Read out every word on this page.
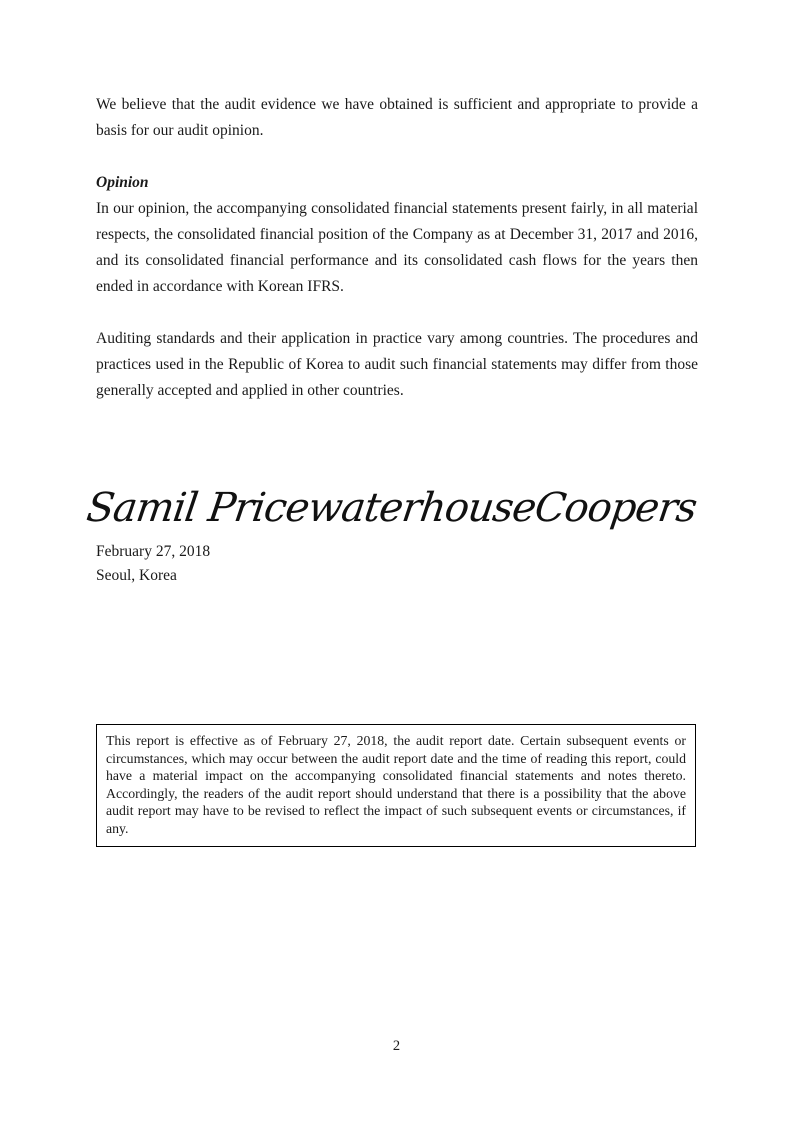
We believe that the audit evidence we have obtained is sufficient and appropriate to provide a basis for our audit opinion.

Opinion

In our opinion, the accompanying consolidated financial statements present fairly, in all material respects, the consolidated financial position of the Company as at December 31, 2017 and 2016, and its consolidated financial performance and its consolidated cash flows for the years then ended in accordance with Korean IFRS.

Auditing standards and their application in practice vary among countries. The procedures and practices used in the Republic of Korea to audit such financial statements may differ from those generally accepted and applied in other countries.

Samil PricewaterhouseCoopers
February 27, 2018
Seoul, Korea
This report is effective as of February 27, 2018, the audit report date. Certain subsequent events or circumstances, which may occur between the audit report date and the time of reading this report, could have a material impact on the accompanying consolidated financial statements and notes thereto. Accordingly, the readers of the audit report should understand that there is a possibility that the above audit report may have to be revised to reflect the impact of such subsequent events or circumstances, if any.
2
